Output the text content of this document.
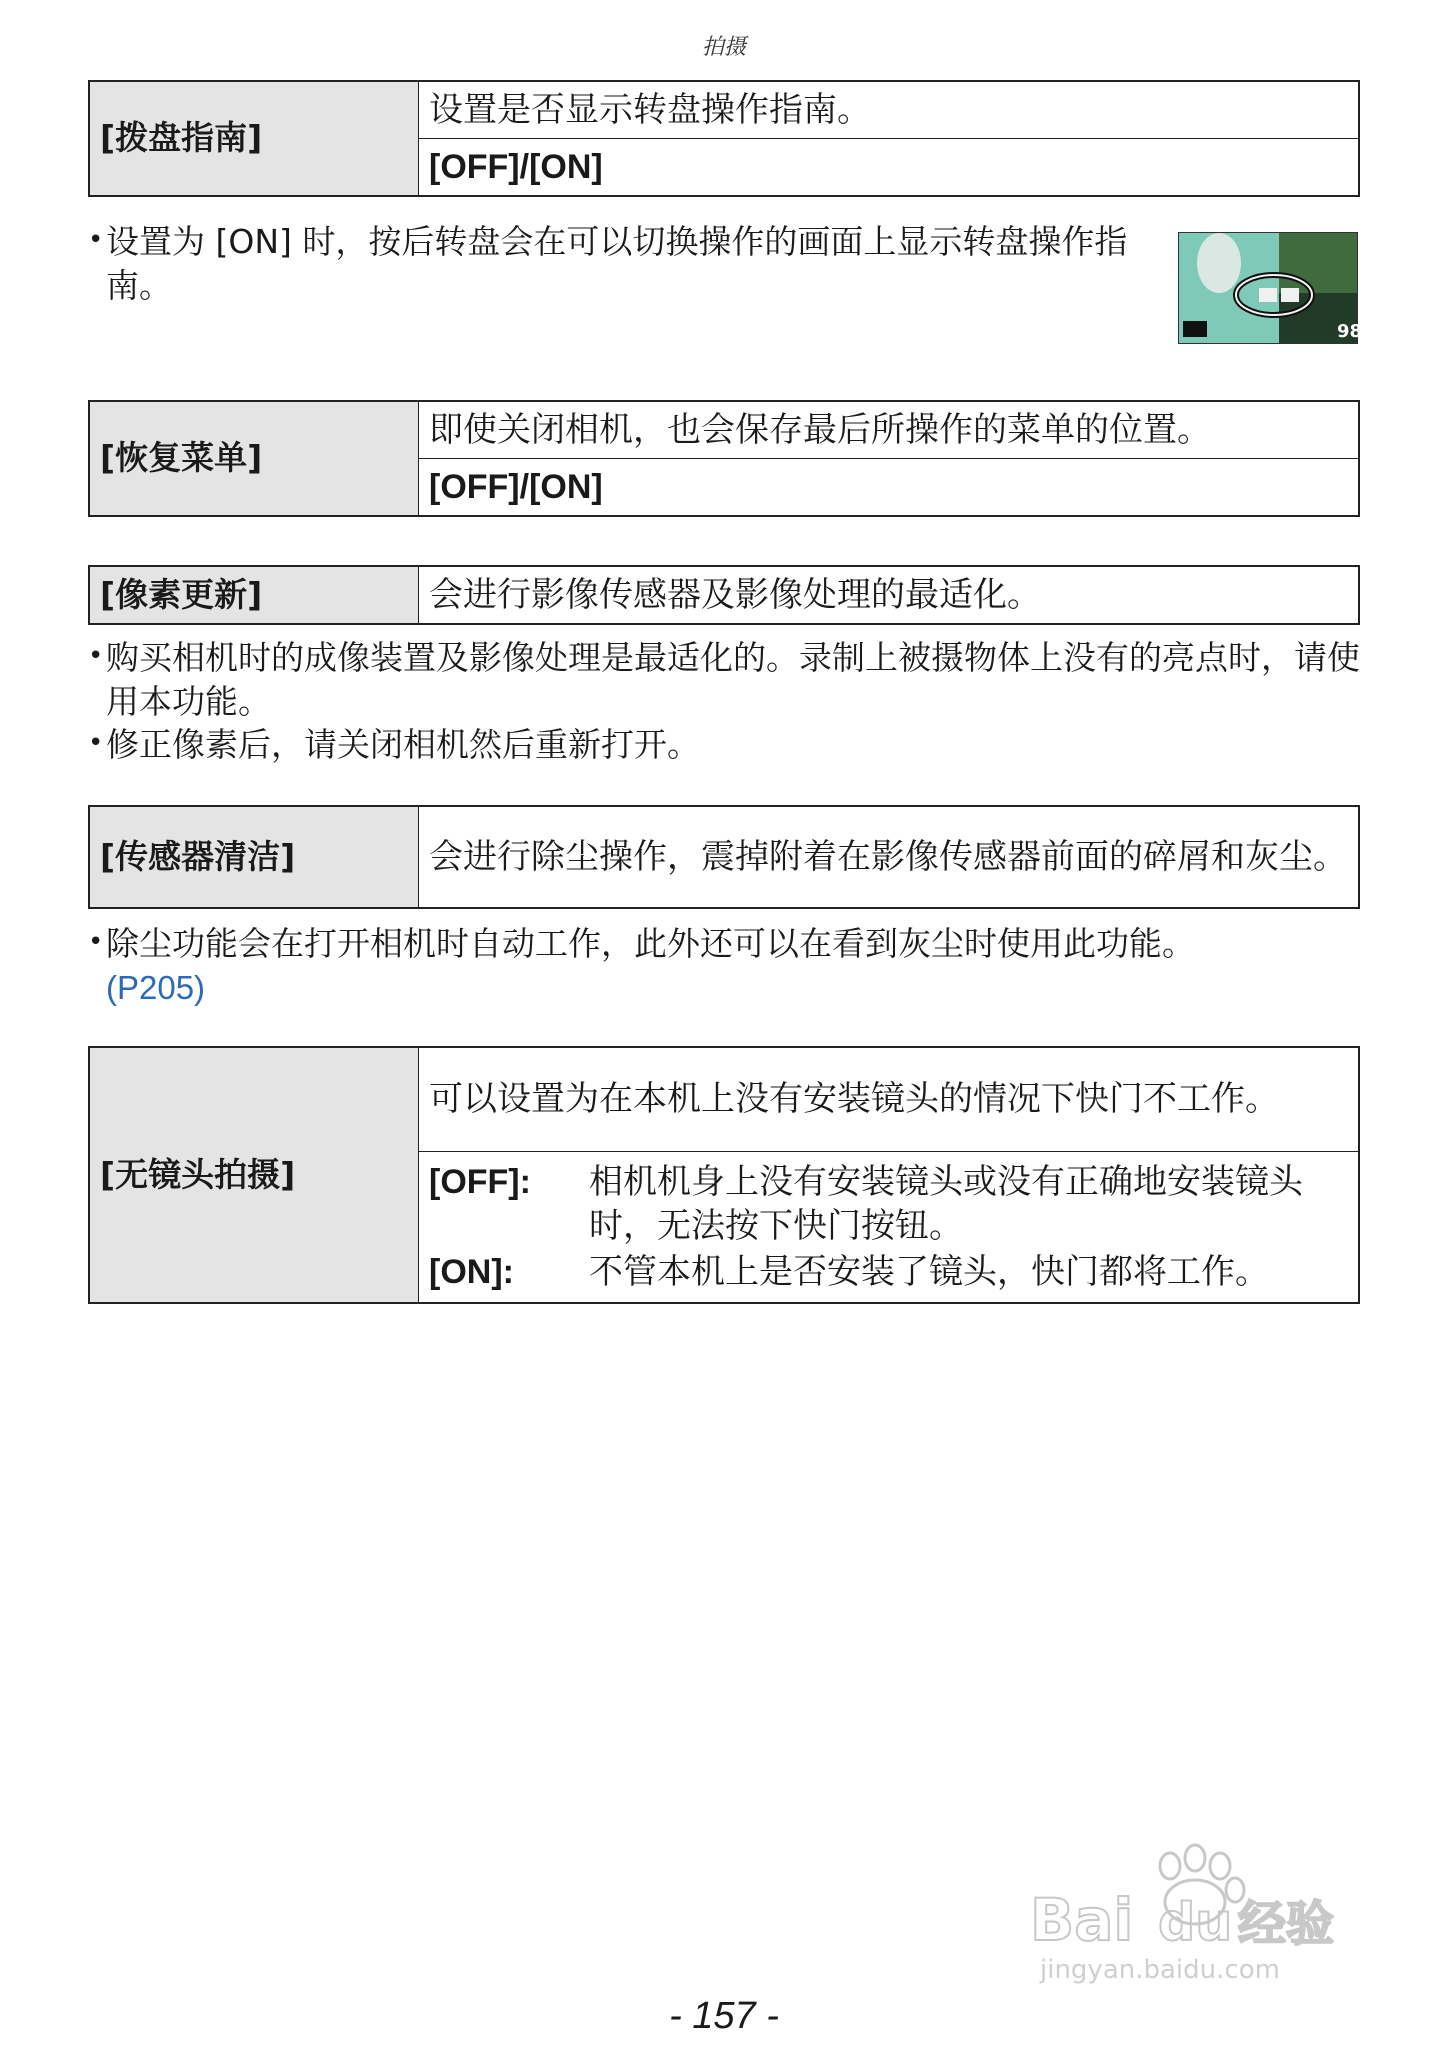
拍摄
[拨盘指南]	设置是否显示转盘操作指南。
[OFF]/[ON]
• 设置为 [ON] 时，按后转盘会在可以切换操作的画面上显示转盘操作指南。
98
[恢复菜单]	即使关闭相机，也会保存最后所操作的菜单的位置。
[OFF]/[ON]
[像素更新]	会进行影像传感器及影像处理的最适化。
• 购买相机时的成像装置及影像处理是最适化的。录制上被摄物体上没有的亮点时，请使用本功能。
• 修正像素后，请关闭相机然后重新打开。
[传感器清洁]	会进行除尘操作，震掉附着在影像传感器前面的碎屑和灰尘。
• 除尘功能会在打开相机时自动工作，此外还可以在看到灰尘时使用此功能。
(P205)
[无镜头拍摄]	可以设置为在本机上没有安装镜头的情况下快门不工作。

[OFF]:	相机机身上没有安装镜头或没有正确地安装镜头时，无法按下快门按钮。
[ON]:	不管本机上是否安装了镜头，快门都将工作。
Bai du 经验
jingyan.baidu.com
- 157 -
